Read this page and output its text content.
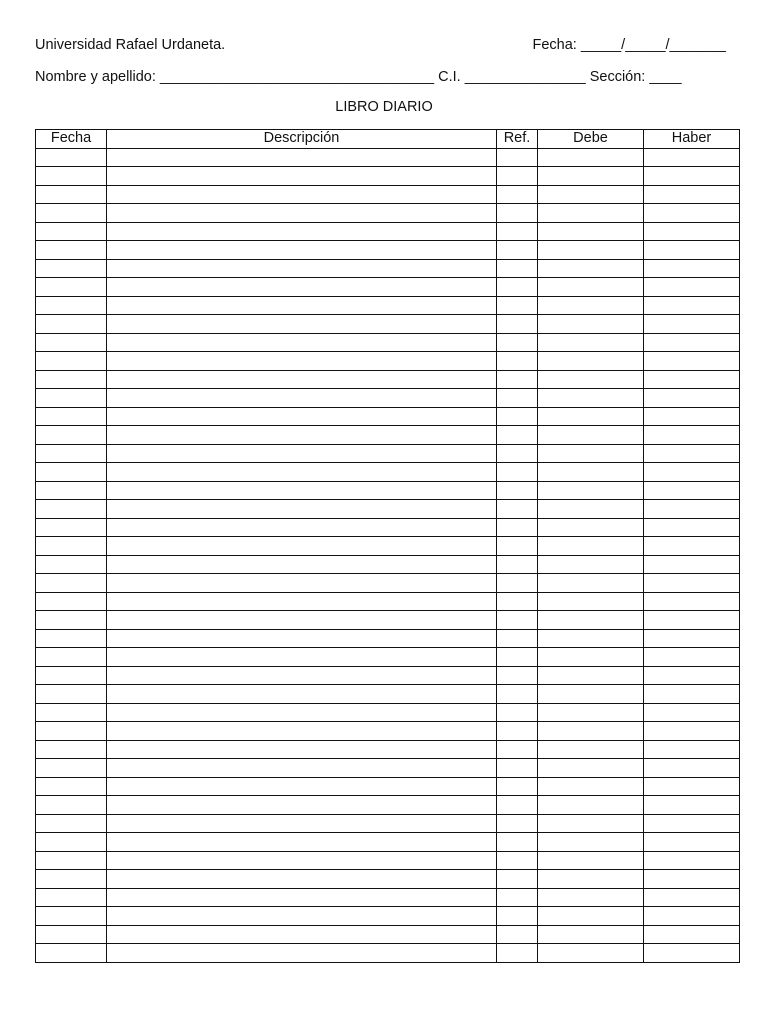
Universidad Rafael Urdaneta.	Fecha: _____/_____/_______
Nombre y apellido: __________________________________ C.I. _______________ Sección: ____
LIBRO DIARIO
Fecha	Descripción	Ref.	Debe	Haber
